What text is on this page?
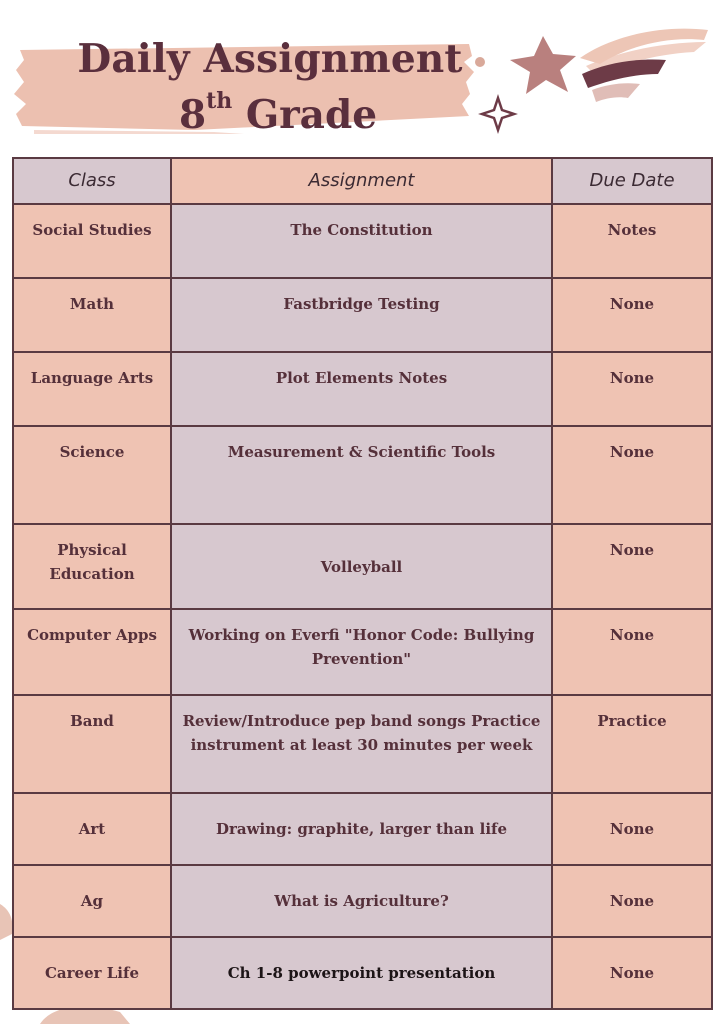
Daily Assignment
8th Grade
Class	Assignment	Due Date
Social Studies	The Constitution	Notes
Math	Fastbridge Testing	None
Language Arts	Plot Elements Notes	None
Science	Measurement & Scientific Tools	None
Physical Education	Volleyball	None
Computer Apps	Working on Everfi "Honor Code: Bullying Prevention"	None
Band	Review/Introduce pep band songs Practice instrument at least 30 minutes per week	Practice
Art	Drawing: graphite, larger than life	None
Ag	What is Agriculture?	None
Career Life	Ch 1-8 powerpoint presentation	None
